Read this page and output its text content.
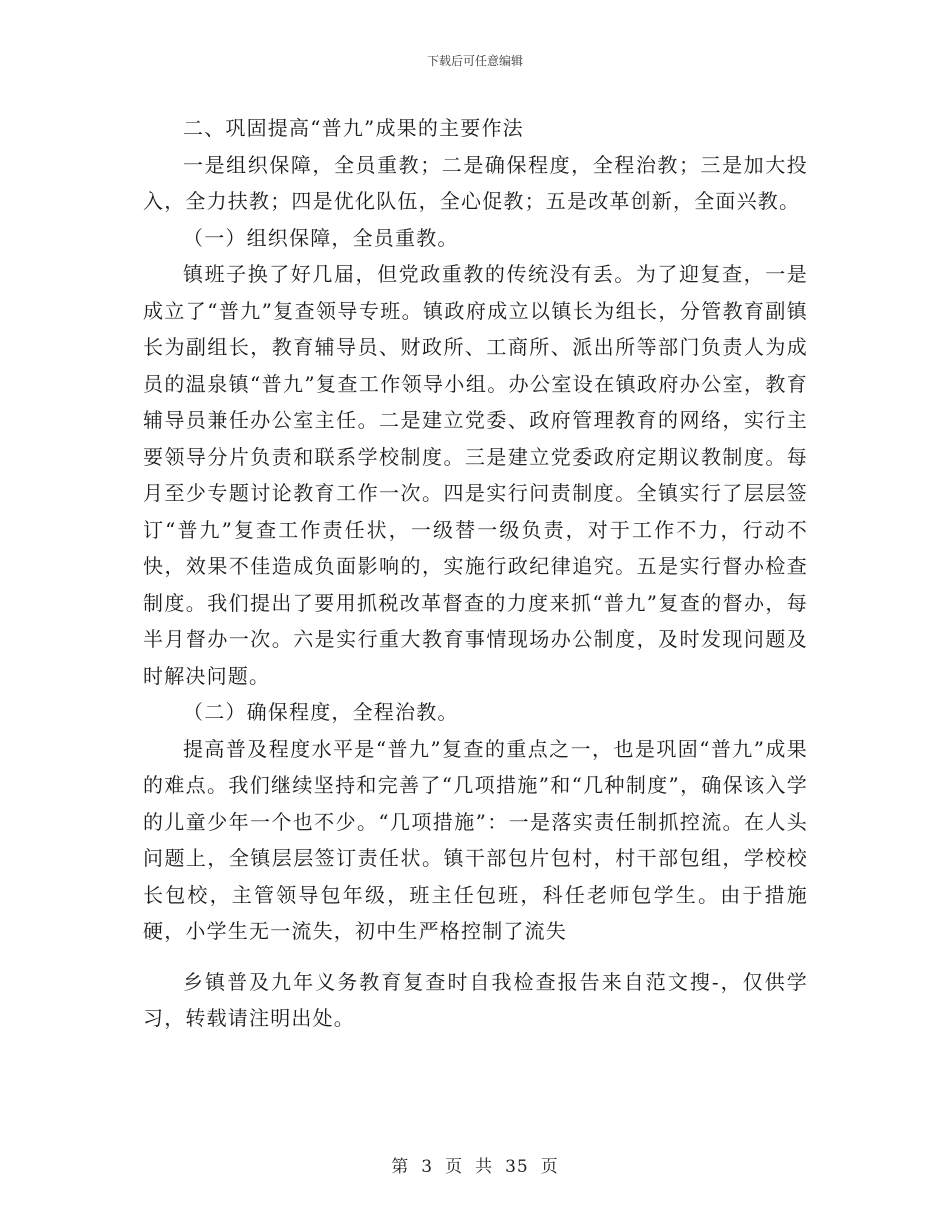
下载后可任意编辑

二、巩固提高“普九”成果的主要作法

一是组织保障，全员重教；二是确保程度，全程治教；三是加大投入，全力扶教；四是优化队伍，全心促教；五是改革创新，全面兴教。

（一）组织保障，全员重教。

镇班子换了好几届，但党政重教的传统没有丢。为了迎复查，一是成立了“普九”复查领导专班。镇政府成立以镇长为组长，分管教育副镇长为副组长，教育辅导员、财政所、工商所、派出所等部门负责人为成员的温泉镇“普九”复查工作领导小组。办公室设在镇政府办公室，教育辅导员兼任办公室主任。二是建立党委、政府管理教育的网络，实行主要领导分片负责和联系学校制度。三是建立党委政府定期议教制度。每月至少专题讨论教育工作一次。四是实行问责制度。全镇实行了层层签订“普九”复查工作责任状，一级替一级负责，对于工作不力，行动不快，效果不佳造成负面影响的，实施行政纪律追究。五是实行督办检查制度。我们提出了要用抓税改革督查的力度来抓“普九”复查的督办，每半月督办一次。六是实行重大教育事情现场办公制度，及时发现问题及时解决问题。

（二）确保程度，全程治教。

提高普及程度水平是“普九”复查的重点之一，也是巩固“普九”成果的难点。我们继续坚持和完善了“几项措施”和“几种制度”，确保该入学的儿童少年一个也不少。“几项措施”：一是落实责任制抓控流。在人头问题上，全镇层层签订责任状。镇干部包片包村，村干部包组，学校校长包校，主管领导包年级，班主任包班，科任老师包学生。由于措施硬，小学生无一流失，初中生严格控制了流失

乡镇普及九年义务教育复查时自我检查报告来自范文搜-，仅供学习，转载请注明出处。

第 3 页 共 35 页
